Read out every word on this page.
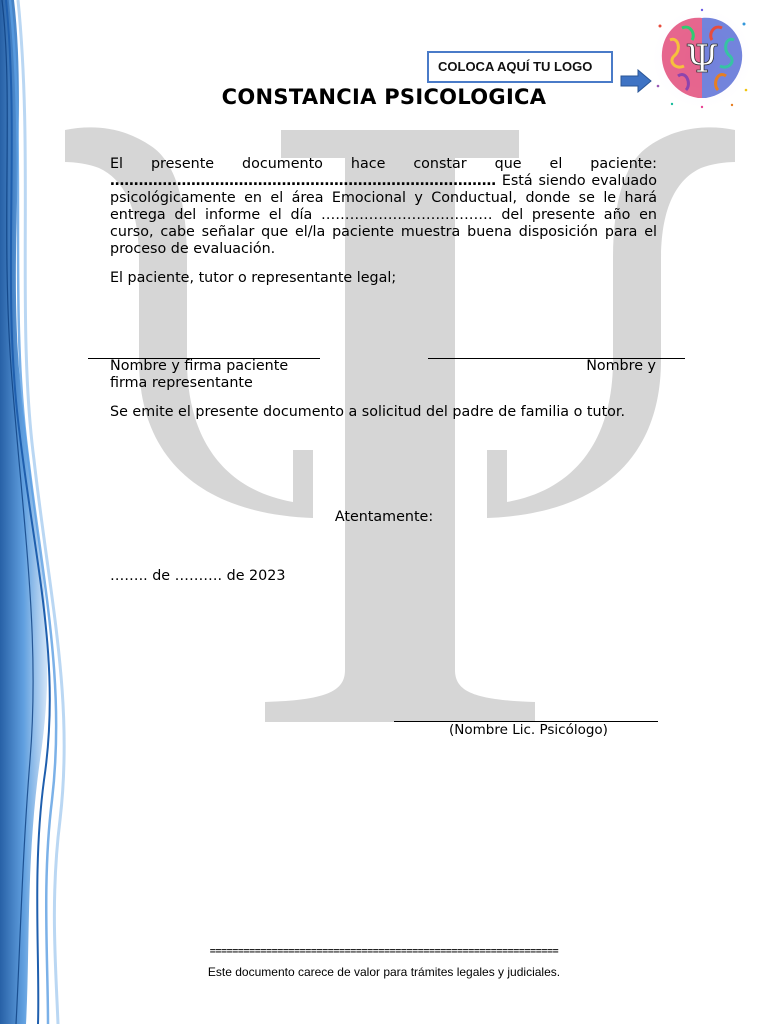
COLOCA AQUÍ TU LOGO	Ψ
CONSTANCIA PSICOLOGICA
El presente documento hace constar que el paciente:
……………………………………………………………………… Está siendo evaluado psicológicamente en el área Emocional y Conductual, donde se le hará entrega del informe el día ……………………………… del presente año en curso, cabe señalar que el/la paciente muestra buena disposición para el proceso de evaluación.
El paciente, tutor o representante legal;
Nombre y firma paciente	Nombre y
firma representante
Se emite el presente documento a solicitud del padre de familia o tutor.
Atentamente:
…….. de ………. de 2023
(Nombre Lic. Psicólogo)
==============================================================
Este documento carece de valor para trámites legales y judiciales.
